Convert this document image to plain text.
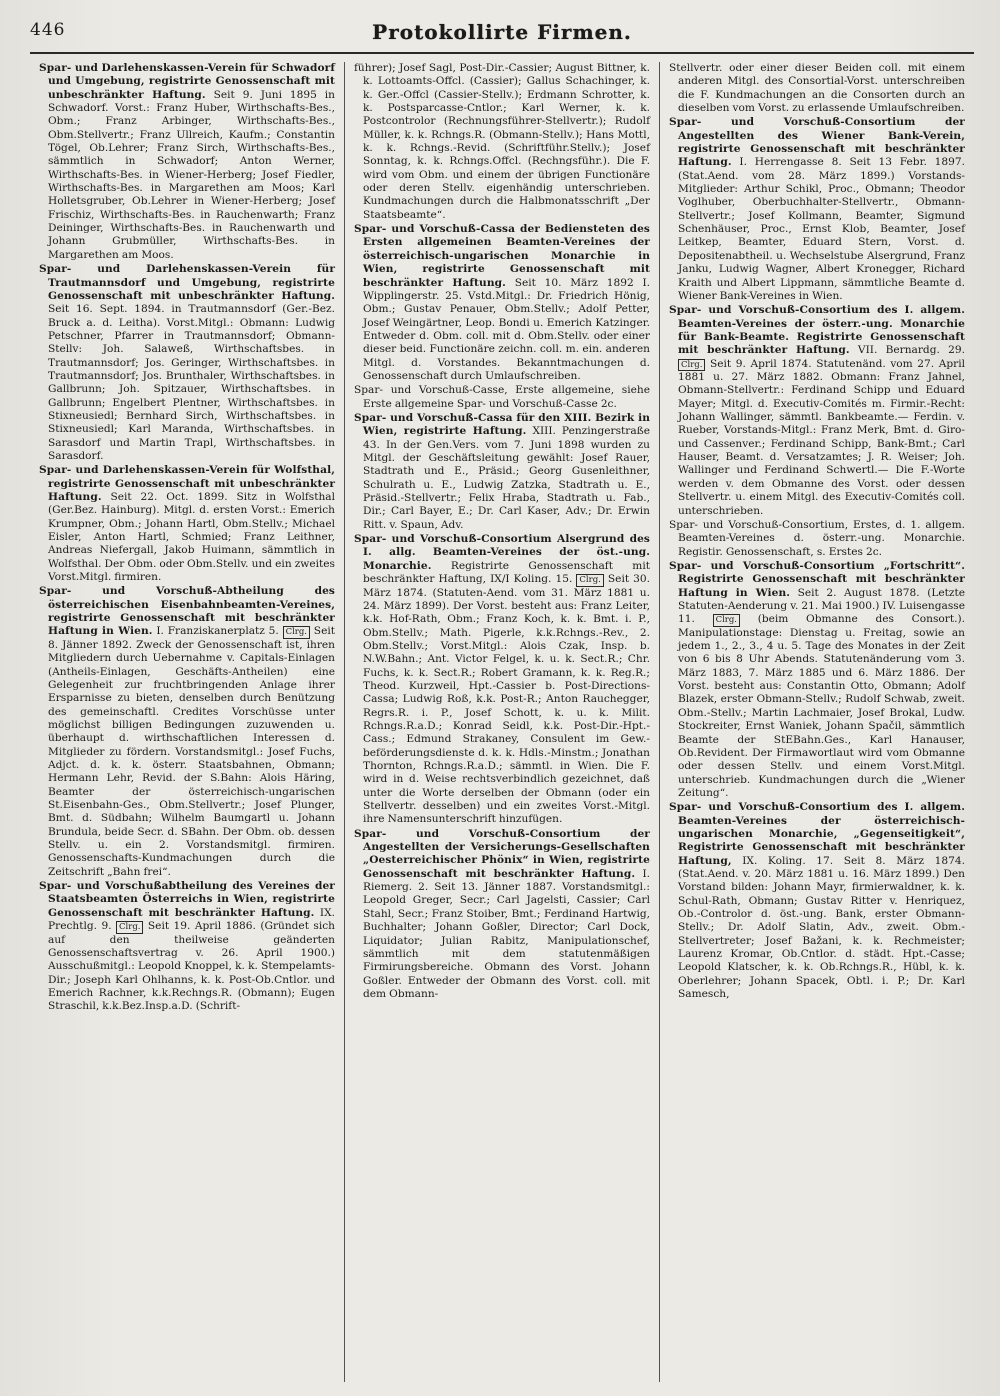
446	Protokollirte Firmen.

Spar- und Darlehenskassen-Verein für Schwadorf und Umgebung, registrirte Genossenschaft mit unbeschränkter Haftung. Seit 9. Juni 1895 in Schwadorf. Vorst.: Franz Huber, Wirthschafts-Bes., Obm.; Franz Arbinger, Wirthschafts-Bes., Obm.Stellvertr.; Franz Ullreich, Kaufm.; Constantin Tögel, Ob.Lehrer; Franz Sirch, Wirthschafts-Bes., sämmtlich in Schwadorf; Anton Werner, Wirthschafts-Bes. in Wiener-Herberg; Josef Fiedler, Wirthschafts-Bes. in Margarethen am Moos; Karl Holletsgruber, Ob.Lehrer in Wiener-Herberg; Josef Frischiz, Wirthschafts-Bes. in Rauchenwarth; Franz Deininger, Wirthschafts-Bes. in Rauchenwarth und Johann Grubmüller, Wirthschafts-Bes. in Margarethen am Moos.

Spar- und Darlehenskassen-Verein für Trautmannsdorf und Umgebung, registrirte Genossenschaft mit unbeschränkter Haftung. Seit 16. Sept. 1894. in Trautmannsdorf (Ger.-Bez. Bruck a. d. Leitha). Vorst.Mitgl.: Obmann: Ludwig Petschner, Pfarrer in Trautmannsdorf; Obmann-Stellv: Joh. Salaweß, Wirthschaftsbes. in Trautmannsdorf; Jos. Geringer, Wirthschaftsbes. in Trautmannsdorf; Jos. Brunthaler, Wirthschaftsbes. in Gallbrunn; Joh. Spitzauer, Wirthschaftsbes. in Gallbrunn; Engelbert Plentner, Wirthschaftsbes. in Stixneusiedl; Bernhard Sirch, Wirthschaftsbes. in Stixneusiedl; Karl Maranda, Wirthschaftsbes. in Sarasdorf und Martin Trapl, Wirthschaftsbes. in Sarasdorf.

Spar- und Darlehenskassen-Verein für Wolfsthal, registrirte Genossenschaft mit unbeschränkter Haftung. Seit 22. Oct. 1899. Sitz in Wolfsthal (Ger.Bez. Hainburg). Mitgl. d. ersten Vorst.: Emerich Krumpner, Obm.; Johann Hartl, Obm.Stellv.; Michael Eisler, Anton Hartl, Schmied; Franz Leithner, Andreas Niefergall, Jakob Huimann, sämmtlich in Wolfsthal. Der Obm. oder Obm.Stellv. und ein zweites Vorst.Mitgl. firmiren.

Spar- und Vorschuß-Abtheilung des österreichischen Eisenbahnbeamten-Vereines, registrirte Genossenschaft mit beschränkter Haftung in Wien. I. Franziskanerplatz 5. Clrg. Seit 8. Jänner 1892. Zweck der Genossenschaft ist, ihren Mitgliedern durch Uebernahme v. Capitals-Einlagen (Antheils-Einlagen, Geschäfts-Antheilen) eine Gelegenheit zur fruchtbringenden Anlage ihrer Ersparnisse zu bieten, denselben durch Benützung des gemeinschaftl. Credites Vorschüsse unter möglichst billigen Bedingungen zuzuwenden u. überhaupt d. wirthschaftlichen Interessen d. Mitglieder zu fördern. Vorstandsmitgl.: Josef Fuchs, Adjct. d. k. k. österr. Staatsbahnen, Obmann; Hermann Lehr, Revid. der S.Bahn: Alois Häring, Beamter der österreichisch-ungarischen St.Eisenbahn-Ges., Obm.Stellvertr.; Josef Plunger, Bmt. d. Südbahn; Wilhelm Baumgartl u. Johann Brundula, beide Secr. d. SBahn. Der Obm. ob. dessen Stellv. u. ein 2. Vorstandsmitgl. firmiren. Genossenschafts-Kundmachungen durch die Zeitschrift „Bahn frei“.

Spar- und Vorschußabtheilung des Vereines der Staatsbeamten Österreichs in Wien, registrirte Genossenschaft mit beschränkter Haftung. IX. Prechtlg. 9. Clrg. Seit 19. April 1886. (Gründet sich auf den theilweise geänderten Genossenschaftsvertrag v. 26. April 1900.) Ausschußmitgl.: Leopold Knoppel, k. k. Stempelamts-Dir.; Joseph Karl Ohlhanns, k. k. Post-Ob.Cntlor. und Emerich Rachner, k.k.Rechngs.R. (Obmann); Eugen Straschil, k.k.Bez.Insp.a.D. (Schrift-

führer); Josef Sagl, Post-Dir.-Cassier; August Bittner, k. k. Lottoamts-Offcl. (Cassier); Gallus Schachinger, k. k. Ger.-Offcl (Cassier-Stellv.); Erdmann Schrotter, k. k. Postsparcasse-Cntlor.; Karl Werner, k. k. Postcontrolor (Rechnungsführer-Stellvertr.); Rudolf Müller, k. k. Rchngs.R. (Obmann-Stellv.); Hans Mottl, k. k. Rchngs.-Revid. (Schriftführ.Stellv.); Josef Sonntag, k. k. Rchngs.Offcl. (Rechngsführ.). Die F. wird vom Obm. und einem der übrigen Functionäre oder deren Stellv. eigenhändig unterschrieben. Kundmachungen durch die Halbmonatsschrift „Der Staatsbeamte“.

Spar- und Vorschuß-Cassa der Bediensteten des Ersten allgemeinen Beamten-Vereines der österreichisch-ungarischen Monarchie in Wien, registrirte Genossenschaft mit beschränkter Haftung. Seit 10. März 1892 I. Wipplingerstr. 25. Vstd.Mitgl.: Dr. Friedrich Hönig, Obm.; Gustav Penauer, Obm.Stellv.; Adolf Petter, Josef Weingärtner, Leop. Bondi u. Emerich Katzinger. Entweder d. Obm. coll. mit d. Obm.Stellv. oder einer dieser beid. Functionäre zeichn. coll. m. ein. anderen Mitgl. d. Vorstandes. Bekanntmachungen d. Genossenschaft durch Umlaufschreiben.

Spar- und Vorschuß-Casse, Erste allgemeine, siehe Erste allgemeine Spar- und Vorschuß-Casse 2c.

Spar- und Vorschuß-Cassa für den XIII. Bezirk in Wien, registrirte Haftung. XIII. Penzingerstraße 43. In der Gen.Vers. vom 7. Juni 1898 wurden zu Mitgl. der Geschäftsleitung gewählt: Josef Rauer, Stadtrath und E., Präsid.; Georg Gusenleithner, Schulrath u. E., Ludwig Zatzka, Stadtrath u. E., Präsid.-Stellvertr.; Felix Hraba, Stadtrath u. Fab., Dir.; Carl Bayer, E.; Dr. Carl Kaser, Adv.; Dr. Erwin Ritt. v. Spaun, Adv.

Spar- und Vorschuß-Consortium Alsergrund des I. allg. Beamten-Vereines der öst.-ung. Monarchie. Registrirte Genossenschaft mit beschränkter Haftung, IX/I Koling. 15. Clrg. Seit 30. März 1874. (Statuten-Aend. vom 31. März 1881 u. 24. März 1899). Der Vorst. besteht aus: Franz Leiter, k.k. Hof-Rath, Obm.; Franz Koch, k. k. Bmt. i. P., Obm.Stellv.; Math. Pigerle, k.k.Rchngs.-Rev., 2. Obm.Stellv.; Vorst.Mitgl.: Alois Czak, Insp. b. N.W.Bahn.; Ant. Victor Felgel, k. u. k. Sect.R.; Chr. Fuchs, k. k. Sect.R.; Robert Gramann, k. k. Reg.R.; Theod. Kurzweil, Hpt.-Cassier b. Post-Directions-Cassa; Ludwig Roß, k.k. Post-R.; Anton Rauchegger, Regrs.R. i. P., Josef Schott, k. u. k. Milit. Rchngs.R.a.D.; Konrad Seidl, k.k. Post-Dir.-Hpt.-Cass.; Edmund Strakaney, Consulent im Gew.-beförderungsdienste d. k. k. Hdls.-Minstm.; Jonathan Thornton, Rchngs.R.a.D.; sämmtl. in Wien. Die F. wird in d. Weise rechtsverbindlich gezeichnet, daß unter die Worte derselben der Obmann (oder ein Stellvertr. desselben) und ein zweites Vorst.-Mitgl. ihre Namensunterschrift hinzufügen.

Spar- und Vorschuß-Consortium der Angestellten der Versicherungs-Gesellschaften „Oesterreichischer Phönix“ in Wien, registrirte Genossenschaft mit beschränkter Haftung. I. Riemerg. 2. Seit 13. Jänner 1887. Vorstandsmitgl.: Leopold Greger, Secr.; Carl Jagelsti, Cassier; Carl Stahl, Secr.; Franz Stoiber, Bmt.; Ferdinand Hartwig, Buchhalter; Johann Goßler, Director; Carl Dock, Liquidator; Julian Rabitz, Manipulationschef, sämmtlich mit dem statutenmäßigen Firmirungsbereiche. Obmann des Vorst. Johann Goßler. Entweder der Obmann des Vorst. coll. mit dem Obmann-

Stellvertr. oder einer dieser Beiden coll. mit einem anderen Mitgl. des Consortial-Vorst. unterschreiben die F. Kundmachungen an die Consorten durch an dieselben vom Vorst. zu erlassende Umlaufschreiben.

Spar- und Vorschuß-Consortium der Angestellten des Wiener Bank-Verein, registrirte Genossenschaft mit beschränkter Haftung. I. Herrengasse 8. Seit 13 Febr. 1897. (Stat.Aend. vom 28. März 1899.) Vorstands-Mitglieder: Arthur Schikl, Proc., Obmann; Theodor Voglhuber, Oberbuchhalter-Stellvertr., Obmann-Stellvertr.; Josef Kollmann, Beamter, Sigmund Schenhäuser, Proc., Ernst Klob, Beamter, Josef Leitkep, Beamter, Eduard Stern, Vorst. d. Depositenabtheil. u. Wechselstube Alsergrund, Franz Janku, Ludwig Wagner, Albert Kronegger, Richard Kraith und Albert Lippmann, sämmtliche Beamte d. Wiener Bank-Vereines in Wien.

Spar- und Vorschuß-Consortium des I. allgem. Beamten-Vereines der österr.-ung. Monarchie für Bank-Beamte. Registrirte Genossenschaft mit beschränkter Haftung. VII. Bernardg. 29. Clrg. Seit 9. April 1874. Statutenänd. vom 27. April 1881 u. 27. März 1882. Obmann: Franz Jahnel, Obmann-Stellvertr.: Ferdinand Schipp und Eduard Mayer; Mitgl. d. Executiv-Comités m. Firmir.-Recht: Johann Wallinger, sämmtl. Bankbeamte.— Ferdin. v. Rueber, Vorstands-Mitgl.: Franz Merk, Bmt. d. Giro- und Cassenver.; Ferdinand Schipp, Bank-Bmt.; Carl Hauser, Beamt. d. Versatzamtes; J. R. Weiser; Joh. Wallinger und Ferdinand Schwertl.— Die F.-Worte werden v. dem Obmanne des Vorst. oder dessen Stellvertr. u. einem Mitgl. des Executiv-Comités coll. unterschrieben.

Spar- und Vorschuß-Consortium, Erstes, d. 1. allgem. Beamten-Vereines d. österr.-ung. Monarchie. Registir. Genossenschaft, s. Erstes 2c.

Spar- und Vorschuß-Consortium „Fortschritt“. Registrirte Genossenschaft mit beschränkter Haftung in Wien. Seit 2. August 1878. (Letzte Statuten-Aenderung v. 21. Mai 1900.) IV. Luisengasse 11. Clrg. (beim Obmanne des Consort.). Manipulationstage: Dienstag u. Freitag, sowie an jedem 1., 2., 3., 4 u. 5. Tage des Monates in der Zeit von 6 bis 8 Uhr Abends. Statutenänderung vom 3. März 1883, 7. März 1885 und 6. März 1886. Der Vorst. besteht aus: Constantin Otto, Obmann; Adolf Blazek, erster Obmann-Stellv.; Rudolf Schwab, zweit. Obm.-Stellv.; Martin Lachmaier, Josef Brokal, Ludw. Stockreiter, Ernst Waniek, Johann Spačil, sämmtlich Beamte der StEBahn.Ges., Karl Hanauser, Ob.Revident. Der Firmawortlaut wird vom Obmanne oder dessen Stellv. und einem Vorst.Mitgl. unterschrieb. Kundmachungen durch die „Wiener Zeitung“.

Spar- und Vorschuß-Consortium des I. allgem. Beamten-Vereines der österreichisch-ungarischen Monarchie, „Gegenseitigkeit“, Registrirte Genossenschaft mit beschränkter Haftung, IX. Koling. 17. Seit 8. März 1874. (Stat.Aend. v. 20. März 1881 u. 16. März 1899.) Den Vorstand bilden: Johann Mayr, firmierwaldner, k. k. Schul-Rath, Obmann; Gustav Ritter v. Henriquez, Ob.-Controlor d. öst.-ung. Bank, erster Obmann-Stellv.; Dr. Adolf Slatin, Adv., zweit. Obm.-Stellvertreter; Josef Bažani, k. k. Rechmeister; Laurenz Kromar, Ob.Cntlor. d. städt. Hpt.-Casse; Leopold Klatscher, k. k. Ob.Rchngs.R., Hübl, k. k. Oberlehrer; Johann Spacek, Obtl. i. P.; Dr. Karl Samesch,
